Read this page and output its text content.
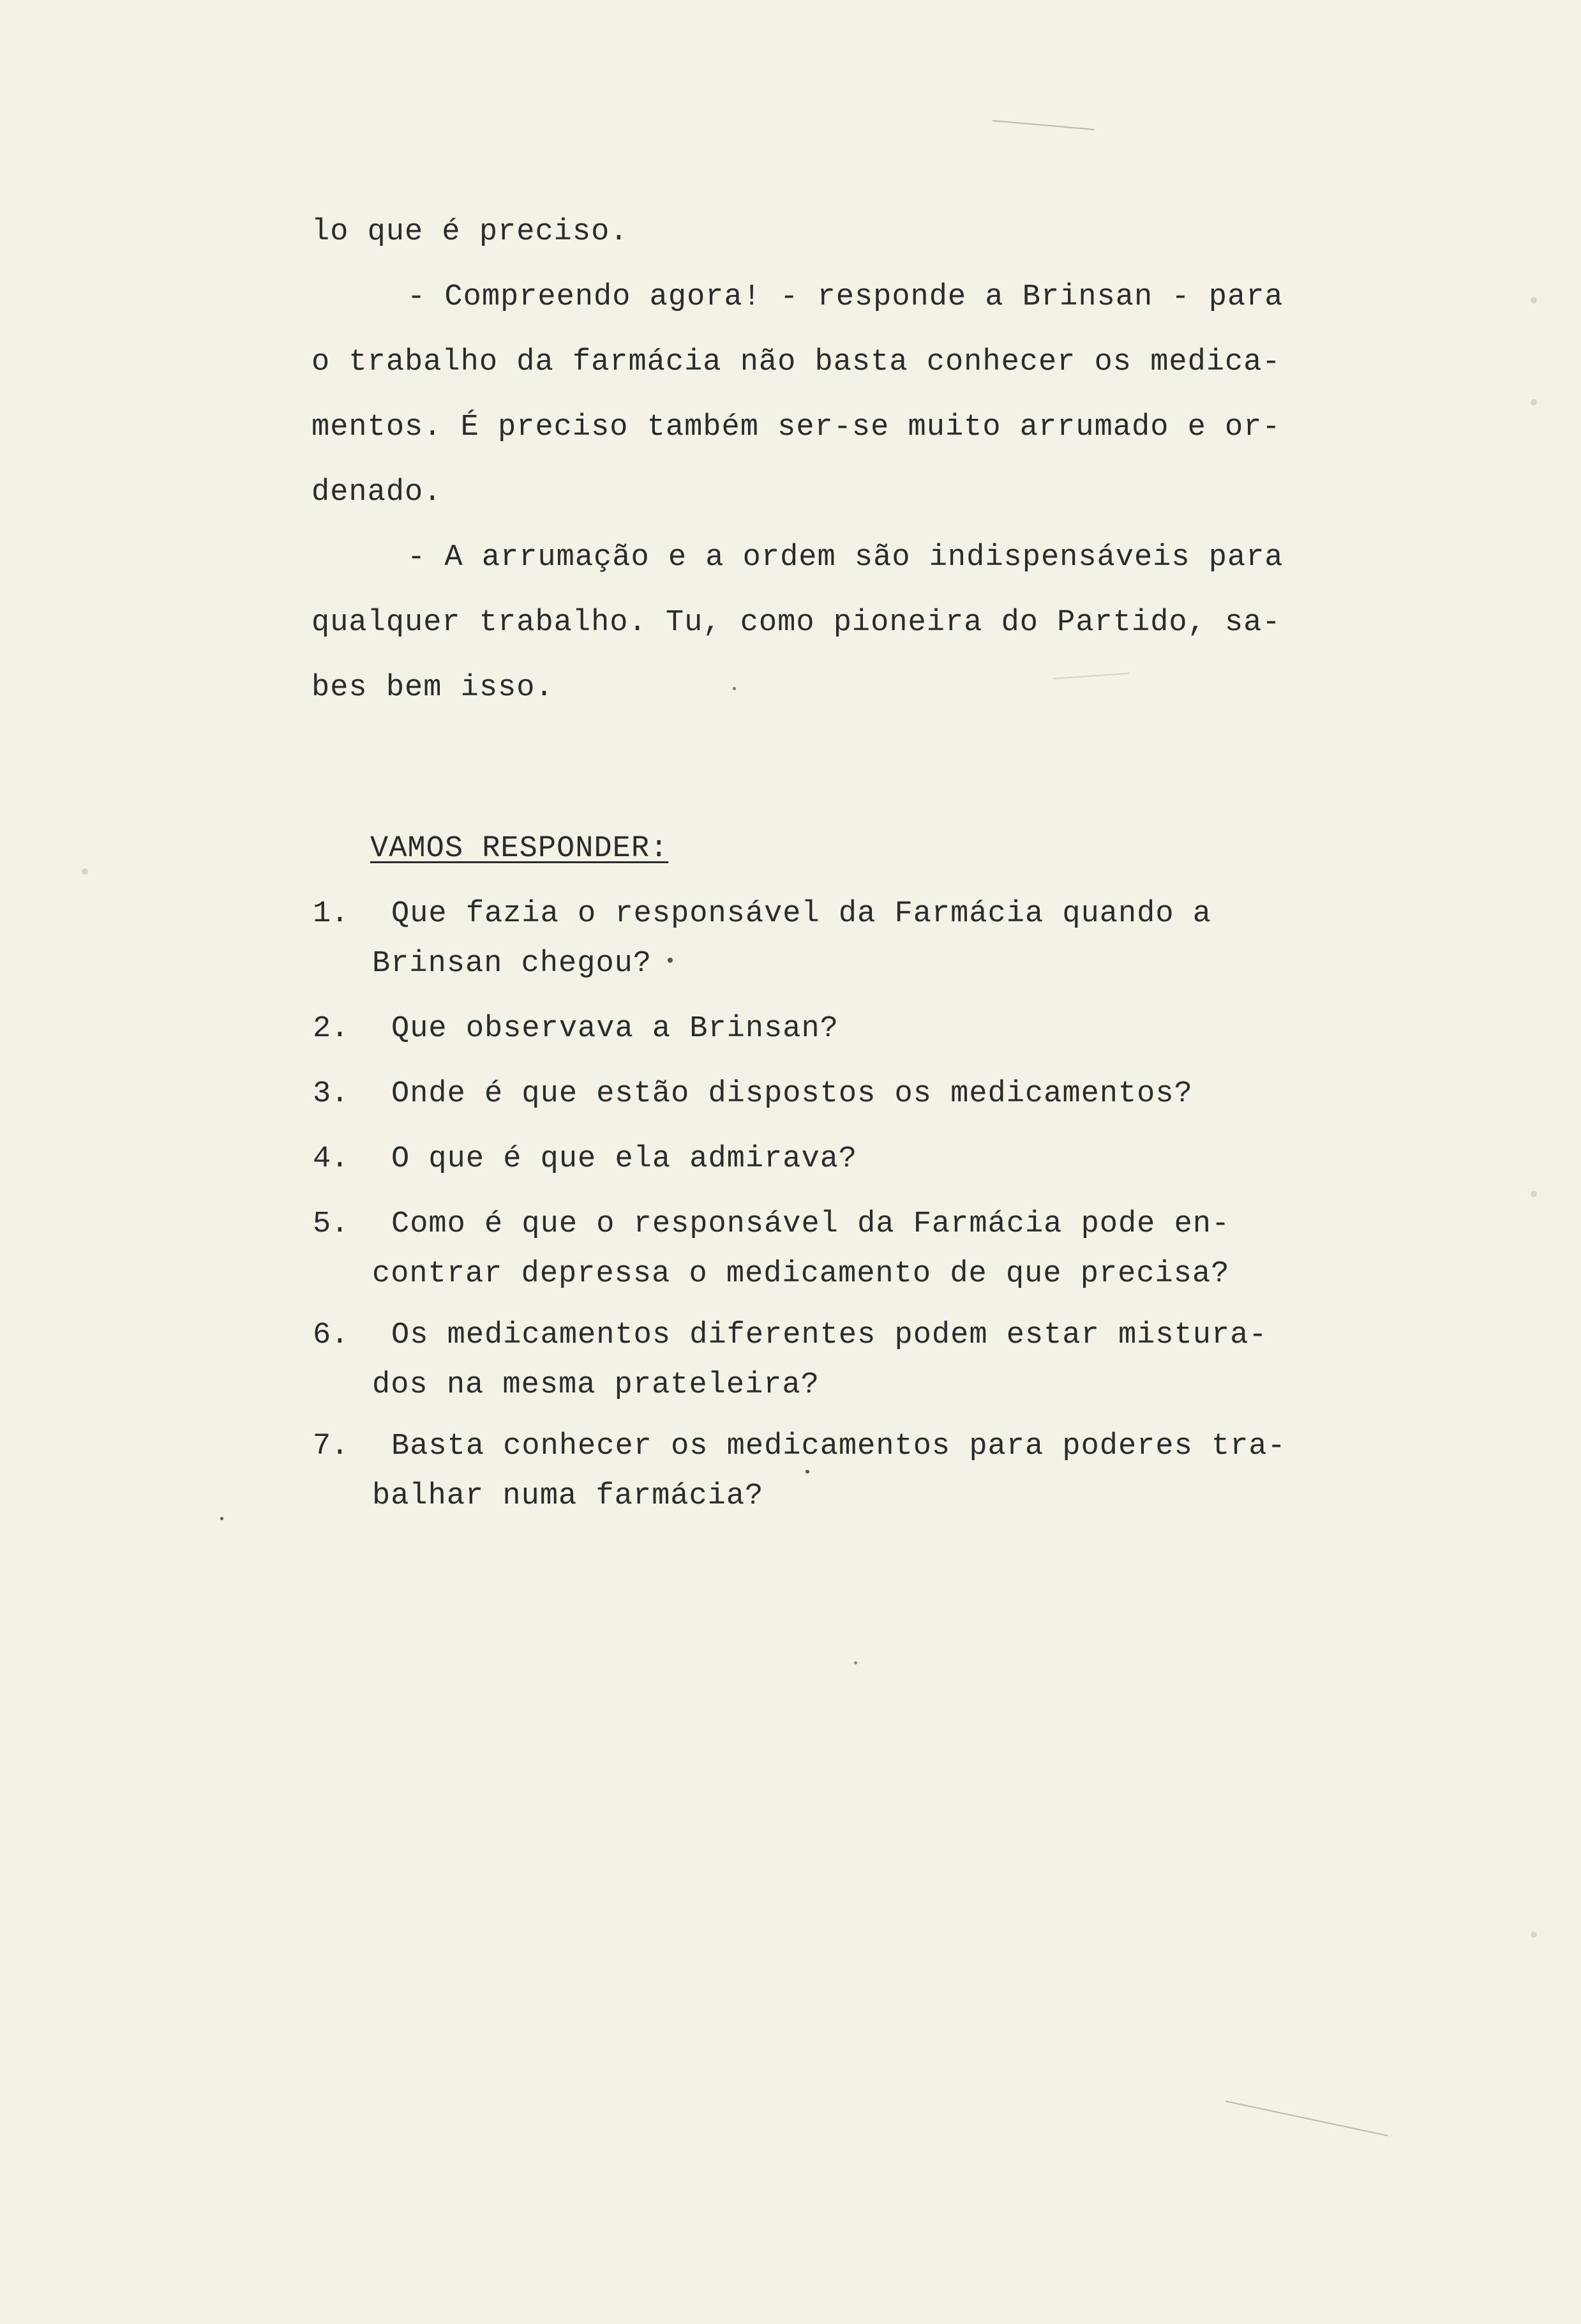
lo que é preciso.
- Compreendo agora! - responde a Brinsan - para
o trabalho da farmácia não basta conhecer os medica-
mentos. É preciso também ser-se muito arrumado e or-
denado.
- A arrumação e a ordem são indispensáveis para
qualquer trabalho. Tu, como pioneira do Partido, sa-
bes bem isso.
VAMOS RESPONDER:
1. Que fazia o responsável da Farmácia quando a
Brinsan chegou?
2. Que observava a Brinsan?
3. Onde é que estão dispostos os medicamentos?
4. O que é que ela admirava?
5. Como é que o responsável da Farmácia pode en-
contrar depressa o medicamento de que precisa?
6. Os medicamentos diferentes podem estar mistura-
dos na mesma prateleira?
7. Basta conhecer os medicamentos para poderes tra-
balhar numa farmácia?
